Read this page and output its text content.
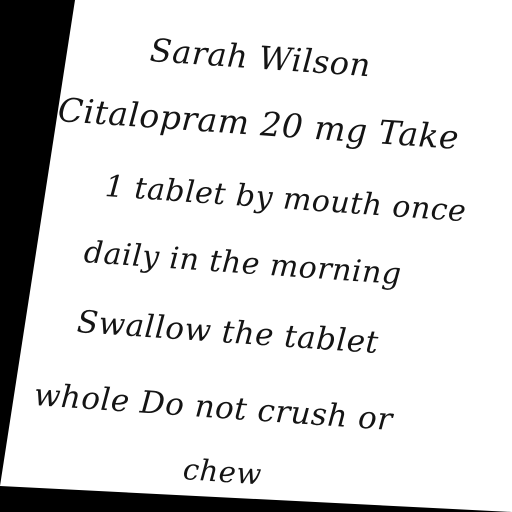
Sarah Wilson
Citalopram 20 mg Take
1 tablet by mouth once
daily in the morning
Swallow the tablet
whole Do not crush or
chew
